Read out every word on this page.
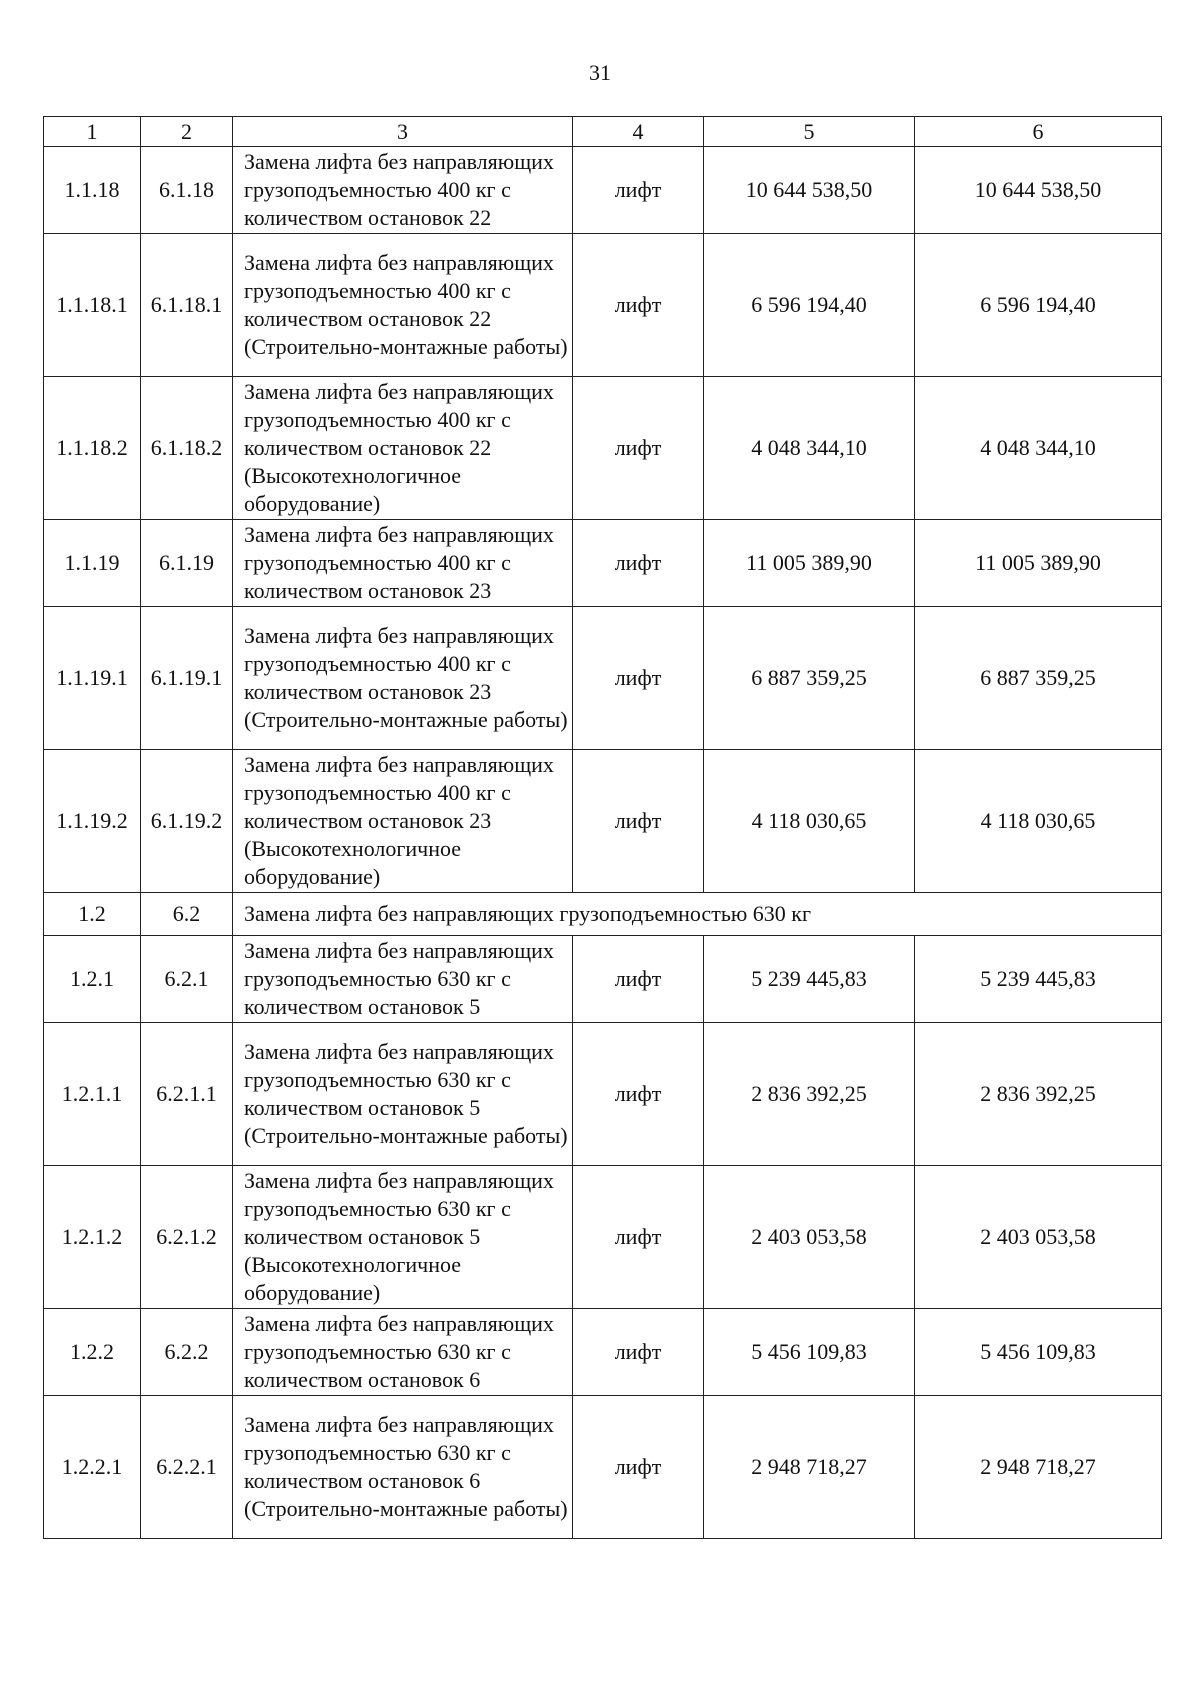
31
1	2	3	4	5	6
1.1.18	6.1.18	Замена лифта без направляющих грузоподъемностью 400 кг с количеством остановок 22	лифт	10 644 538,50	10 644 538,50
1.1.18.1	6.1.18.1	Замена лифта без направляющих грузоподъемностью 400 кг с количеством остановок 22 (Строительно-монтажные работы)	лифт	6 596 194,40	6 596 194,40
1.1.18.2	6.1.18.2	Замена лифта без направляющих грузоподъемностью 400 кг с количеством остановок 22 (Высокотехнологичное оборудование)	лифт	4 048 344,10	4 048 344,10
1.1.19	6.1.19	Замена лифта без направляющих грузоподъемностью 400 кг с количеством остановок 23	лифт	11 005 389,90	11 005 389,90
1.1.19.1	6.1.19.1	Замена лифта без направляющих грузоподъемностью 400 кг с количеством остановок 23 (Строительно-монтажные работы)	лифт	6 887 359,25	6 887 359,25
1.1.19.2	6.1.19.2	Замена лифта без направляющих грузоподъемностью 400 кг с количеством остановок 23 (Высокотехнологичное оборудование)	лифт	4 118 030,65	4 118 030,65
1.2	6.2	Замена лифта без направляющих грузоподъемностью 630 кг			
1.2.1	6.2.1	Замена лифта без направляющих грузоподъемностью 630 кг с количеством остановок 5	лифт	5 239 445,83	5 239 445,83
1.2.1.1	6.2.1.1	Замена лифта без направляющих грузоподъемностью 630 кг с количеством остановок 5 (Строительно-монтажные работы)	лифт	2 836 392,25	2 836 392,25
1.2.1.2	6.2.1.2	Замена лифта без направляющих грузоподъемностью 630 кг с количеством остановок 5 (Высокотехнологичное оборудование)	лифт	2 403 053,58	2 403 053,58
1.2.2	6.2.2	Замена лифта без направляющих грузоподъемностью 630 кг с количеством остановок 6	лифт	5 456 109,83	5 456 109,83
1.2.2.1	6.2.2.1	Замена лифта без направляющих грузоподъемностью 630 кг с количеством остановок 6 (Строительно-монтажные работы)	лифт	2 948 718,27	2 948 718,27
